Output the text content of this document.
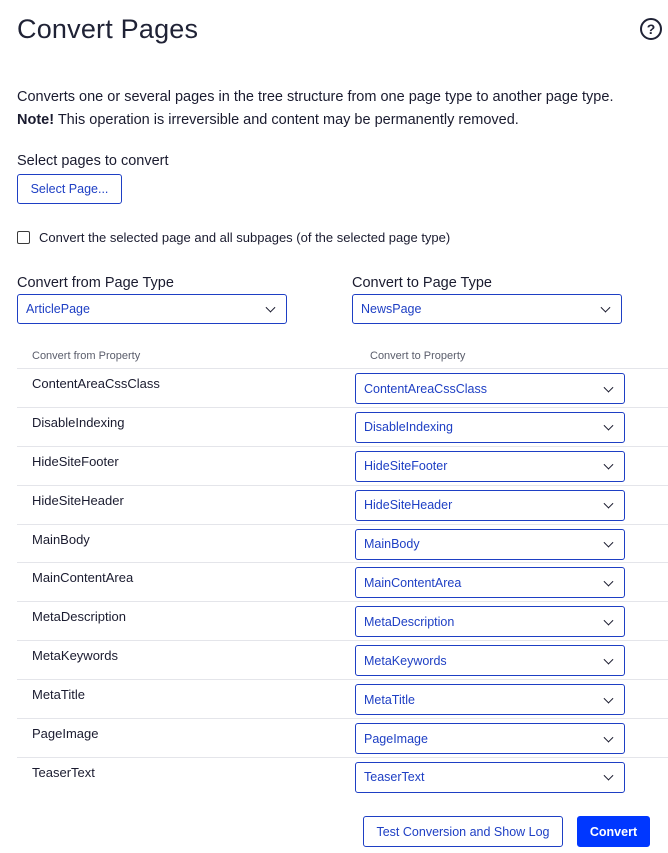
Convert Pages	?
Converts one or several pages in the tree structure from one page type to another page type.
Note! This operation is irreversible and content may be permanently removed.
Select pages to convert
Select Page...
Convert the selected page and all subpages (of the selected page type)
Convert from Page Type
ArticlePage
Convert to Page Type
NewsPage
Convert from Property	Convert to Property
ContentAreaCssClass	ContentAreaCssClass
DisableIndexing	DisableIndexing
HideSiteFooter	HideSiteFooter
HideSiteHeader	HideSiteHeader
MainBody	MainBody
MainContentArea	MainContentArea
MetaDescription	MetaDescription
MetaKeywords	MetaKeywords
MetaTitle	MetaTitle
PageImage	PageImage
TeaserText	TeaserText
Test Conversion and Show Log	Convert
